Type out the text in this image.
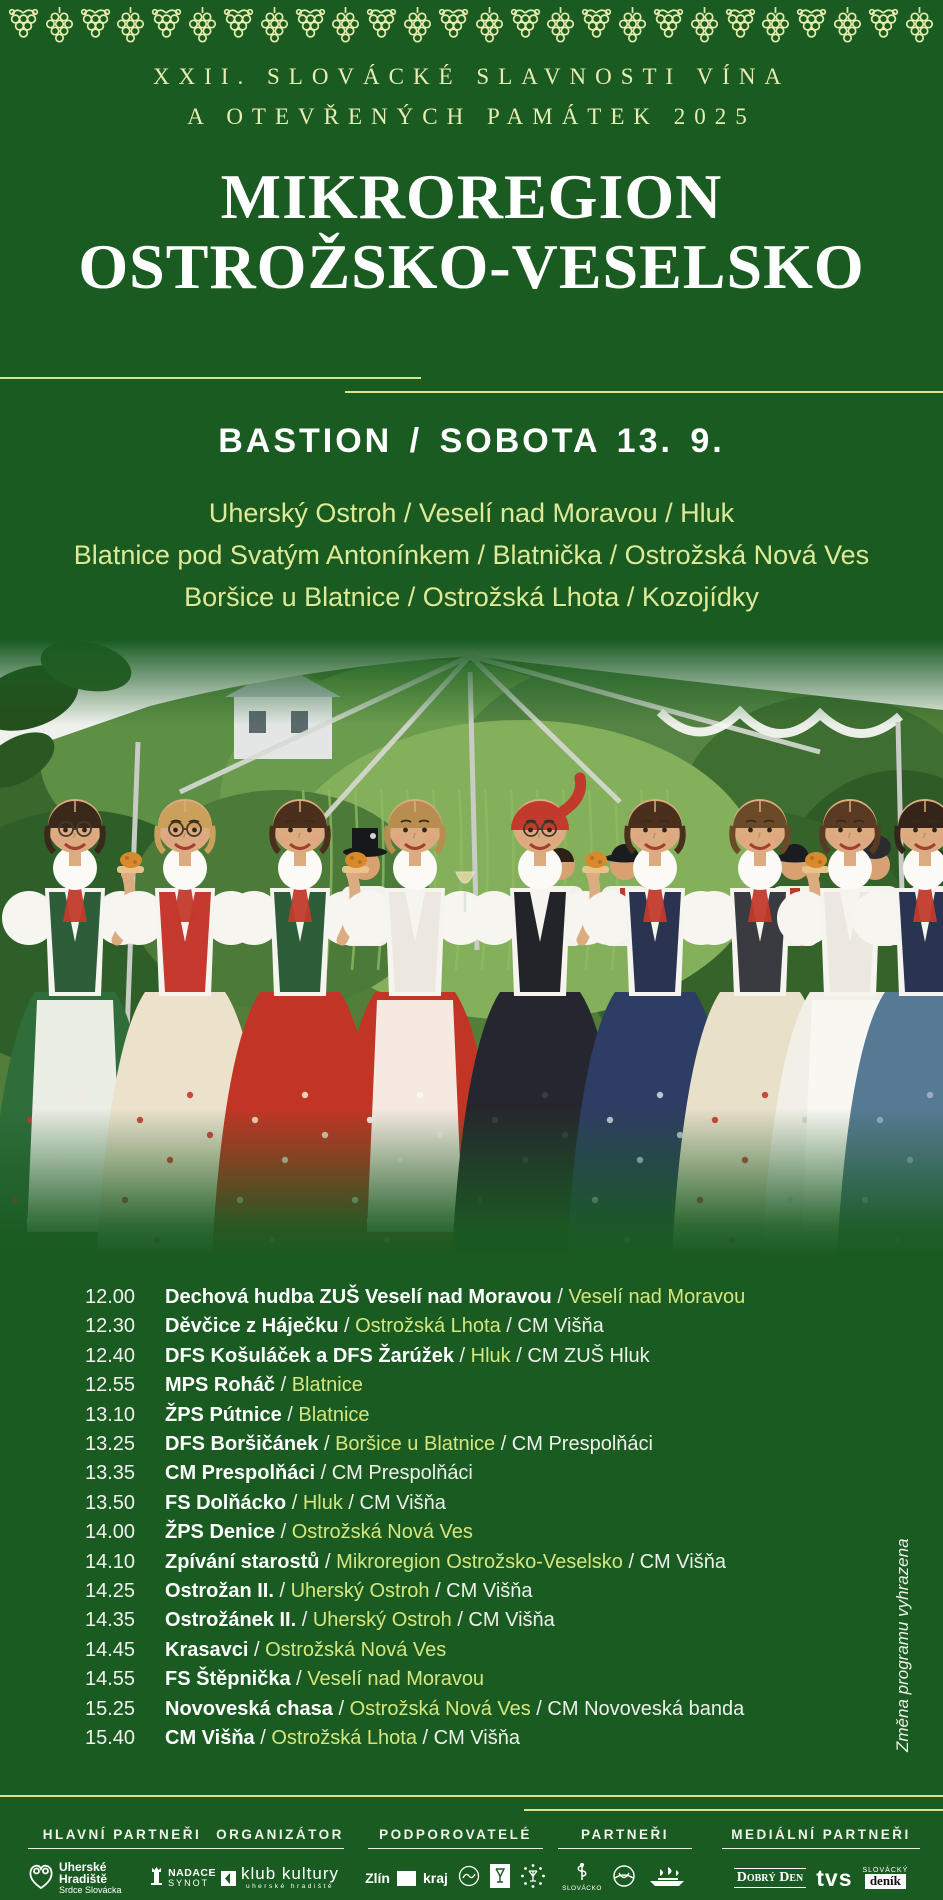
XXII. SLOVÁCKÉ SLAVNOSTI VÍNA
A OTEVŘENÝCH PAMÁTEK 2025
MIKROREGION
OSTROŽSKO-VESELSKO
BASTION / SOBOTA 13. 9.
Uherský Ostroh / Veselí nad Moravou / Hluk
Blatnice pod Svatým Antonínkem / Blatnička / Ostrožská Nová Ves
Boršice u Blatnice / Ostrožská Lhota / Kozojídky
12.00	Dechová hudba ZUŠ Veselí nad Moravou / Veselí nad Moravou
12.30	Děvčice z Háječku / Ostrožská Lhota / CM Višňa
12.40	DFS Košuláček a DFS Žarúžek / Hluk / CM ZUŠ Hluk
12.55	MPS Roháč / Blatnice
13.10	ŽPS Pútnice / Blatnice
13.25	DFS Boršičánek / Boršice u Blatnice / CM Prespolňáci
13.35	CM Prespolňáci / CM Prespolňáci
13.50	FS Dolňácko / Hluk / CM Višňa
14.00	ŽPS Denice / Ostrožská Nová Ves
14.10	Zpívání starostů / Mikroregion Ostrožsko-Veselsko / CM Višňa
14.25	Ostrožan II. / Uherský Ostroh / CM Višňa
14.35	Ostrožánek II. / Uherský Ostroh / CM Višňa
14.45	Krasavci / Ostrožská Nová Ves
14.55	FS Štěpnička / Veselí nad Moravou
15.25	Novoveská chasa / Ostrožská Nová Ves / CM Novoveská banda
15.40	CM Višňa / Ostrožská Lhota / CM Višňa	Změna programu vyhrazena
HLAVNÍ PARTNEŘI
Uherské Hradiště
Srdce Slovácka
NADACE
SYNOT
ORGANIZÁTOR
klub kultury
uherské hradiště
PODPOROVATELÉ
Zlín kraj
PARTNEŘI
SLOVÁCKO
MEDIÁLNÍ PARTNEŘI
Dobrý Den tvs SLOVÁCKÝ
deník
